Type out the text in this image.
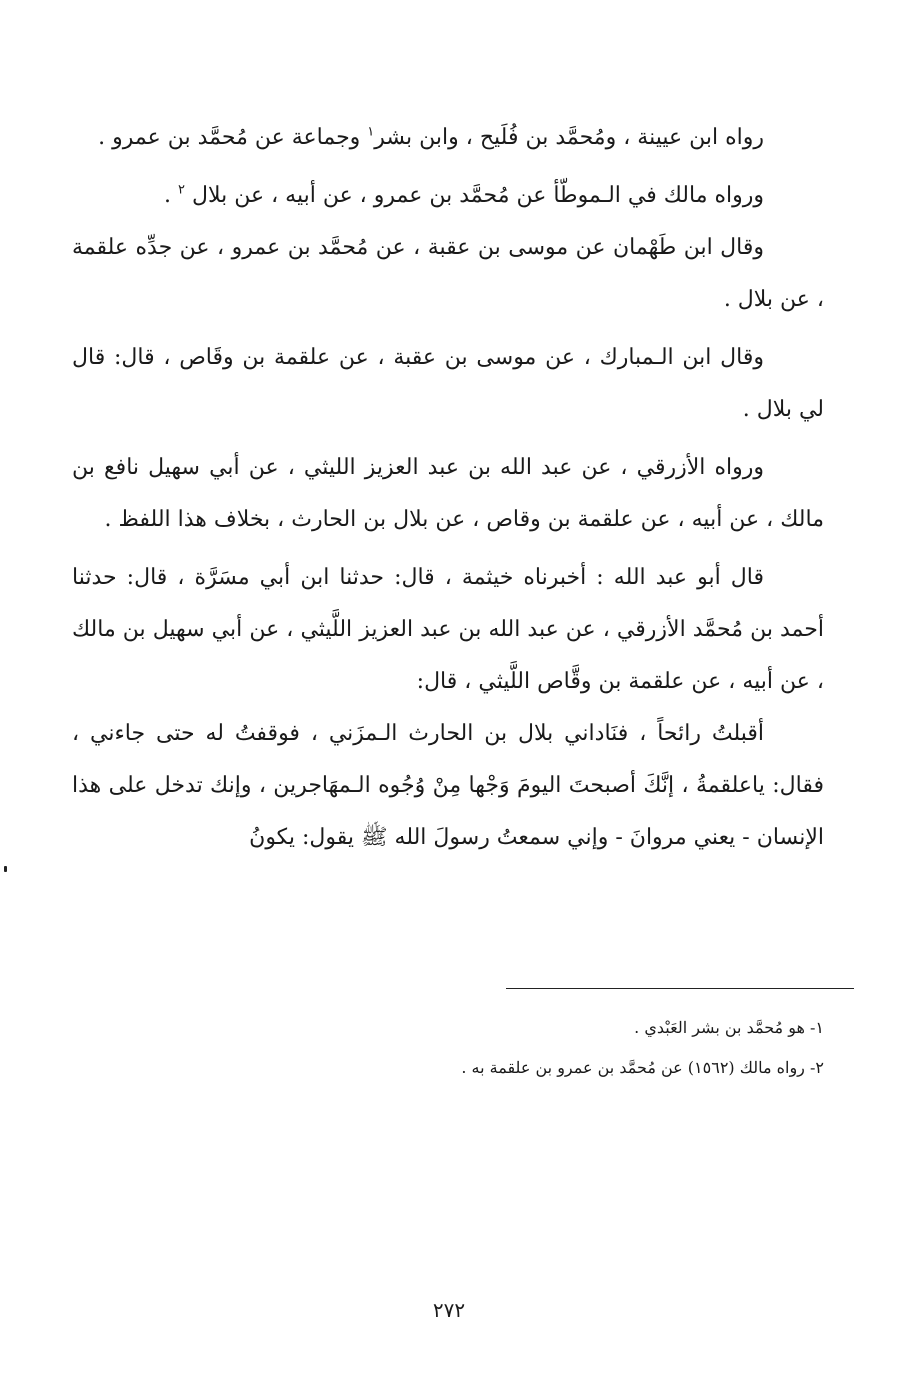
رواه ابن عيينة ، ومُحمَّد بن فُلَيح ، وابن بشر$^١$ وجماعة عن مُحمَّد بن عمرو .

ورواه مالك في الـموطّأ عن مُحمَّد بن عمرو ، عن أبيه ، عن بلال $^٢$ .

وقال ابن طَهْمان عن موسى بن عقبة ، عن مُحمَّد بن عمرو ، عن جدِّه علقمة ، عن بلال .

وقال ابن الـمبارك ، عن موسى بن عقبة ، عن علقمة بن وقَاص ، قال: قال لي بلال .

ورواه الأزرقي ، عن عبد الله بن عبد العزيز الليثي ، عن أبي سهيل نافع بن مالك ، عن أبيه ، عن علقمة بن وقاص ، عن بلال بن الحارث ، بخلاف هذا اللفظ .

قال أبو عبد الله : أخبرناه خيثمة ، قال: حدثنا ابن أبي مسَرَّة ، قال: حدثنا أحمد بن مُحمَّد الأزرقي ، عن عبد الله بن عبد العزيز اللَّيثي ، عن أبي سهيل بن مالك ، عن أبيه ، عن علقمة بن وقَّاص اللَّيثي ، قال:

أقبلتُ رائحاً ، فنَاداني بلال بن الحارث الـمزَني ، فوقفتُ له حتى جاءني ، فقال: ياعلقمةُ ، إنَّكَ أصبحتَ اليومَ وَجْها مِنْ وُجُوه الـمهَاجرين ، وإنك تدخل على هذا الإنسان - يعني مروانَ - وإني سمعتُ رسولَ الله ﷺ يقول: يكونُ

١- هو مُحمَّد بن بشر العَبْدي .

٢- رواه مالك (١٥٦٢) عن مُحمَّد بن عمرو بن علقمة به .

٢٧٢
